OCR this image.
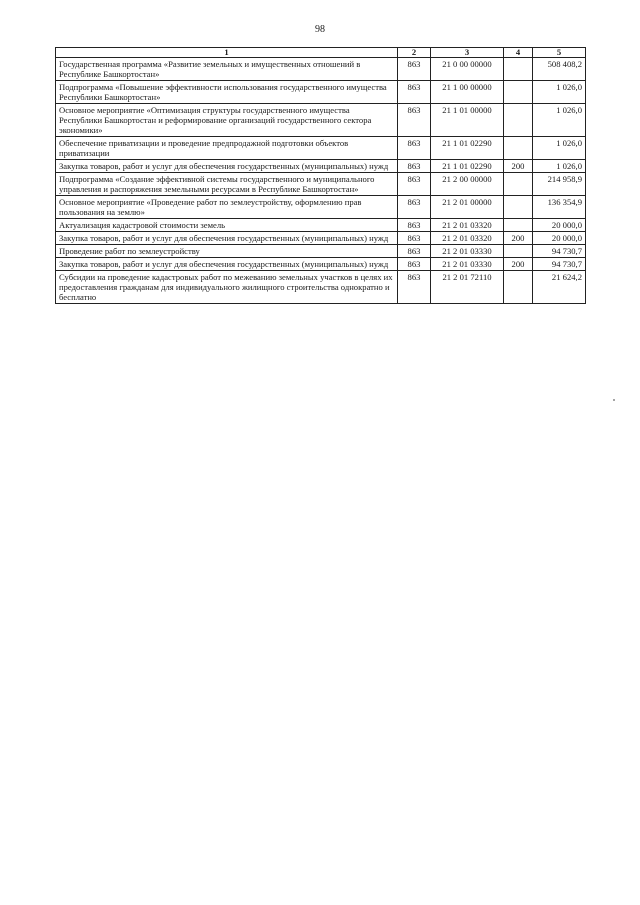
98
1	2	3	4	5
Государственная программа «Развитие земельных и имущественных отношений в Республике Башкортостан»	863	21 0 00 00000		508 408,2
Подпрограмма «Повышение эффективности использования государственного имущества Республики Башкортостан»	863	21 1 00 00000		1 026,0
Основное мероприятие «Оптимизация структуры государственного имущества Республики Башкортостан и реформирование организаций государственного сектора экономики»	863	21 1 01 00000		1 026,0
Обеспечение приватизации и проведение предпродажной подготовки объектов приватизации	863	21 1 01 02290		1 026,0
Закупка товаров, работ и услуг для обеспечения государственных (муниципальных) нужд	863	21 1 01 02290	200	1 026,0
Подпрограмма «Создание эффективной системы государственного и муниципального управления и распоряжения земельными ресурсами в Республике Башкортостан»	863	21 2 00 00000		214 958,9
Основное мероприятие «Проведение работ по землеустройству, оформлению прав пользования на землю»	863	21 2 01 00000		136 354,9
Актуализация кадастровой стоимости земель	863	21 2 01 03320		20 000,0
Закупка товаров, работ и услуг для обеспечения государственных (муниципальных) нужд	863	21 2 01 03320	200	20 000,0
Проведение работ по землеустройству	863	21 2 01 03330		94 730,7
Закупка товаров, работ и услуг для обеспечения государственных (муниципальных) нужд	863	21 2 01 03330	200	94 730,7
Субсидии на проведение кадастровых работ по межеванию земельных участков в целях их предоставления гражданам для индивидуального жилищного строительства однократно и бесплатно	863	21 2 01 72110		21 624,2
